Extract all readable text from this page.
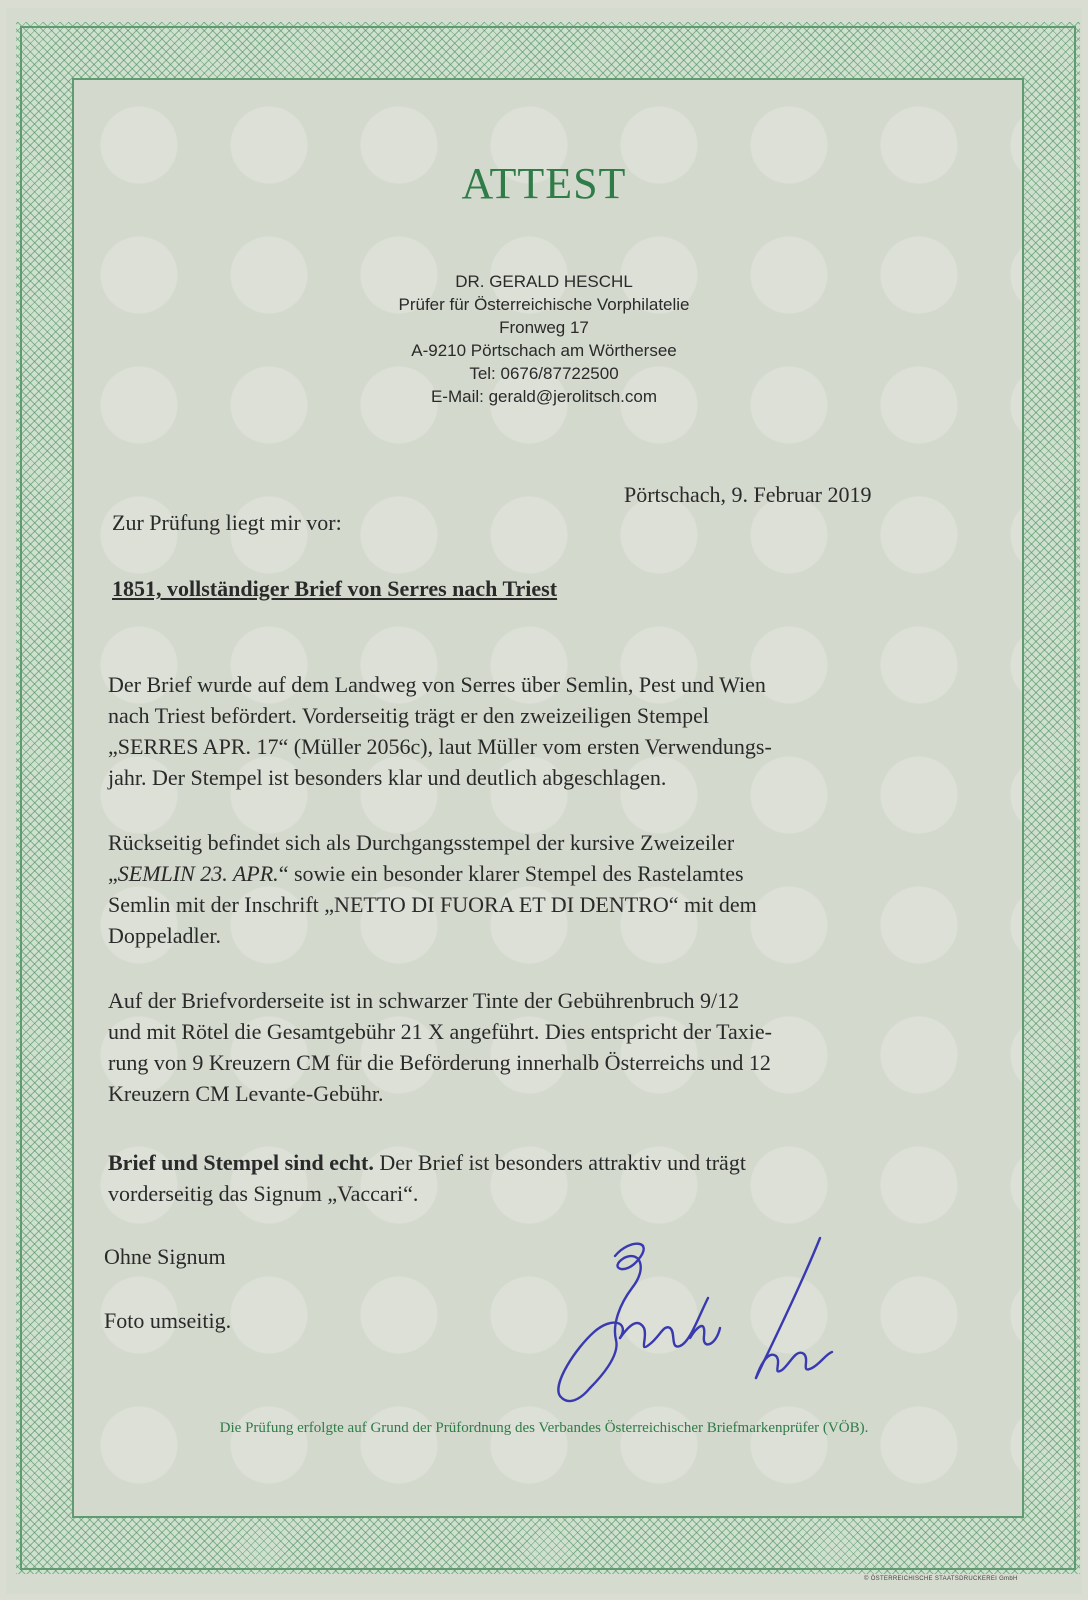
ATTEST
DR. GERALD HESCHL
Prüfer für Österreichische Vorphilatelie
Fronweg 17
A-9210 Pörtschach am Wörthersee
Tel: 0676/87722500
E-Mail: gerald@jerolitsch.com
Pörtschach, 9. Februar 2019
Zur Prüfung liegt mir vor:
1851, vollständiger Brief von Serres nach Triest
Der Brief wurde auf dem Landweg von Serres über Semlin, Pest und Wien
nach Triest befördert. Vorderseitig trägt er den zweizeiligen Stempel
„SERRES APR. 17“ (Müller 2056c), laut Müller vom ersten Verwendungs-
jahr. Der Stempel ist besonders klar und deutlich abgeschlagen.
Rückseitig befindet sich als Durchgangsstempel der kursive Zweizeiler
„SEMLIN 23. APR.“ sowie ein besonder klarer Stempel des Rastelamtes
Semlin mit der Inschrift „NETTO DI FUORA ET DI DENTRO“ mit dem
Doppeladler.
Auf der Briefvorderseite ist in schwarzer Tinte der Gebührenbruch 9/12
und mit Rötel die Gesamtgebühr 21 X angeführt. Dies entspricht der Taxie-
rung von 9 Kreuzern CM für die Beförderung innerhalb Österreichs und 12
Kreuzern CM Levante-Gebühr.
Brief und Stempel sind echt. Der Brief ist besonders attraktiv und trägt
vorderseitig das Signum „Vaccari“.
Ohne Signum
Foto umseitig.
Die Prüfung erfolgte auf Grund der Prüfordnung des Verbandes Österreichischer Briefmarkenprüfer (VÖB).
© ÖSTERREICHISCHE STAATSDRUCKEREI GmbH
